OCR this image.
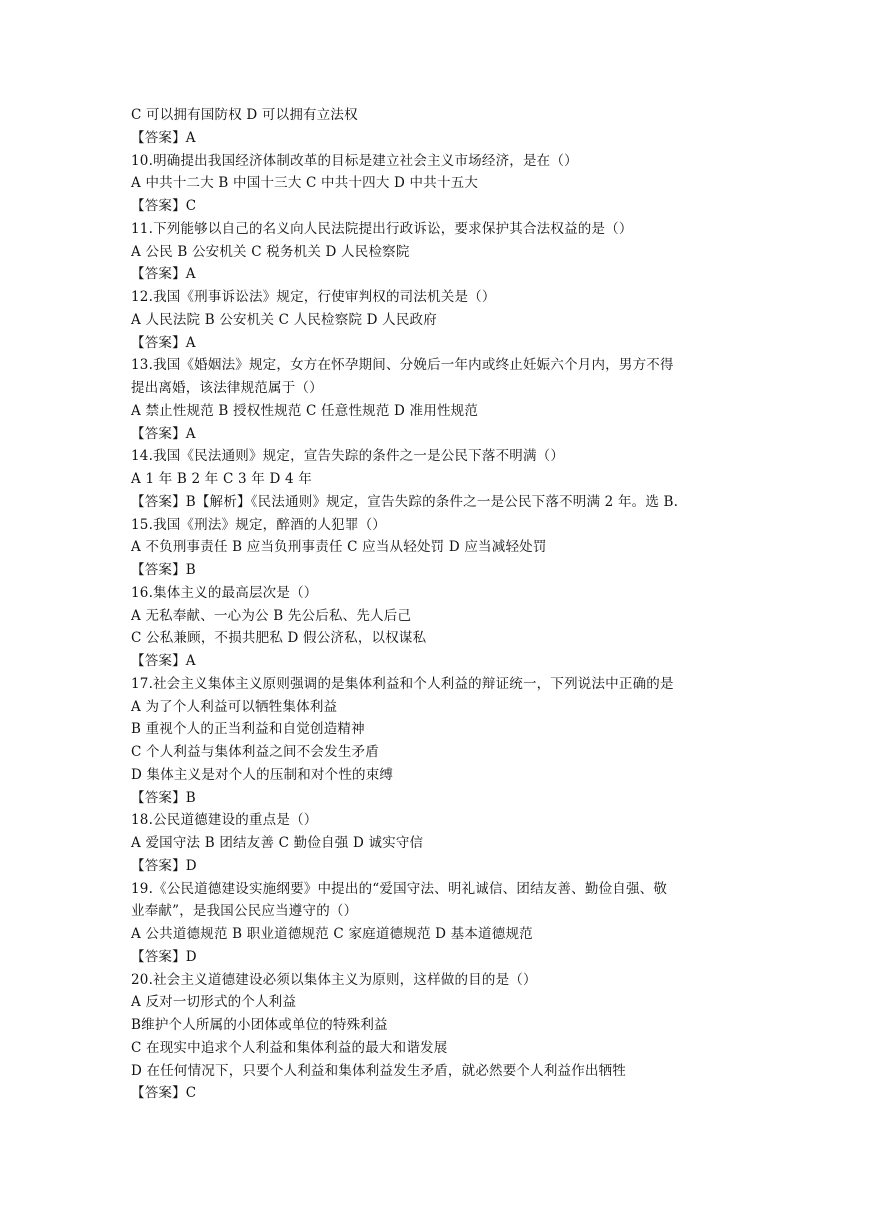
C 可以拥有国防权 D 可以拥有立法权
【答案】A
10.明确提出我国经济体制改革的目标是建立社会主义市场经济，是在（）
A 中共十二大 B 中国十三大 C 中共十四大 D 中共十五大
【答案】C
11.下列能够以自己的名义向人民法院提出行政诉讼，要求保护其合法权益的是（）
A 公民 B 公安机关 C 税务机关 D 人民检察院
【答案】A
12.我国《刑事诉讼法》规定，行使审判权的司法机关是（）
A 人民法院 B 公安机关 C 人民检察院 D 人民政府
【答案】A
13.我国《婚姻法》规定，女方在怀孕期间、分娩后一年内或终止妊娠六个月内，男方不得
提出离婚，该法律规范属于（）
A 禁止性规范 B 授权性规范 C 任意性规范 D 准用性规范
【答案】A
14.我国《民法通则》规定，宣告失踪的条件之一是公民下落不明满（）
A 1 年 B 2 年 C 3 年 D 4 年
【答案】B【解析】《民法通则》规定，宣告失踪的条件之一是公民下落不明满 2 年。选 B.
15.我国《刑法》规定，醉酒的人犯罪（）
A 不负刑事责任 B 应当负刑事责任 C 应当从轻处罚 D 应当减轻处罚
【答案】B
16.集体主义的最高层次是（）
A 无私奉献、一心为公 B 先公后私、先人后己
C 公私兼顾，不损共肥私 D 假公济私，以权谋私
【答案】A
17.社会主义集体主义原则强调的是集体利益和个人利益的辩证统一，下列说法中正确的是
A 为了个人利益可以牺牲集体利益
B 重视个人的正当利益和自觉创造精神
C 个人利益与集体利益之间不会发生矛盾
D 集体主义是对个人的压制和对个性的束缚
【答案】B
18.公民道德建设的重点是（）
A 爱国守法 B 团结友善 C 勤俭自强 D 诚实守信
【答案】D
19.《公民道德建设实施纲要》中提出的“爱国守法、明礼诚信、团结友善、勤俭自强、敬
业奉献”，是我国公民应当遵守的（）
A 公共道德规范 B 职业道德规范 C 家庭道德规范 D 基本道德规范
【答案】D
20.社会主义道德建设必须以集体主义为原则，这样做的目的是（）
A 反对一切形式的个人利益
B维护个人所属的小团体或单位的特殊利益
C 在现实中追求个人利益和集体利益的最大和谐发展
D 在任何情况下，只要个人利益和集体利益发生矛盾，就必然要个人利益作出牺牲
【答案】C
